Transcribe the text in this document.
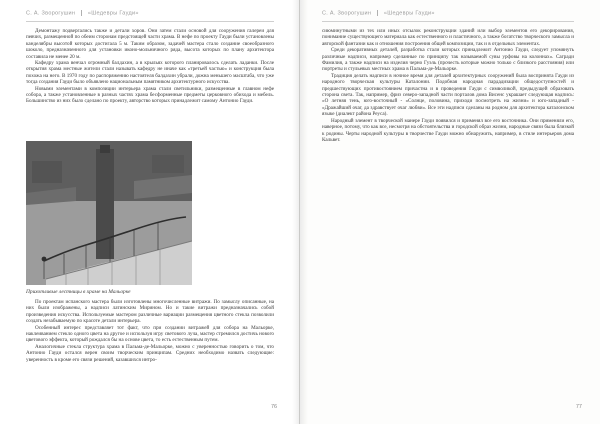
С. А. Зворогушин «Шедевры Гауди»

Демонтажу подвергались также и детали хоров. Они затем стали основой для сооружения галереи для певчих, размещенной по обеим сторонам предстоящей части храма. В нефе по проекту Гауди были установлены канделябры высотой которых достигала 5 м. Таким образом, задачей мастера стало создание своеобразного шоколо, предназначенного для установки иконо-мольничного ряда, высота которых по плану архитектора составила не менее 20 м.

Кафедру храма венчал огромный балдахин, а в крыльях которого планировалось сделать ладанки. После открытия храма местные жители стали называть кафедру не иначе как «третьей частью» и конструкция была похожа на него. В 1970 году по распоряжению настоятеля балдахин убрали, дожна меньшего масштаба, что уже тогда создания Гауди было объявлено национальным памятником архитектурного искусства.

Новыми элементами в композиции интерьера храма стали светильники, размещенные в главном нефе собора, а также установленные в разных частях храма бесформенные предметы церковного обихода и мебель. Большинство из них было сделано по проекту, авторство которых принадлежит самому Антонио Гауди.

Прихотливые лестницы в храме на Мальорке

По проектам испанского мастера были изготовлены многочисленные витражи. По замыслу описанные, на них были изображены, а надписи латинским Мирином. Но и такие витражи предназначались собой произведения искусства. Используемые мастером различные вариации размещения цветного стекла позволили создать незабываемую по красоте детали интерьера.

Особенный интерес представляет тот факт, что при создании витражей для собора на Мальорке, наклеиванием стекло одного цвета на другое и используя игру светового луча, мастер стремился достичь нового цветового эффекта, который рождался бы на основе цвета, то есть естественным путем.

Аналогичные стекла структура храма в Пальма-де-Мальорке, можно с уверенностью говорить о том, что Антонио Гауди остался верен своим творческим принципам. Средних необходимо назвать следующие: уверенность в кроме его связи решений, казавшихся интро-

76
С. А. Зворогушин «Шедевры Гауди»

сиюминутными из тех или иных отсылок реконструкции зданий или выбор элементов его декорирования, понимание существующего материала как естественного и пластичного, а также богатство творческого замысла и авторской фантазии как и отношения построения общей композиции, так и в отдельных элементах.

Среди декоративных деталей, разработка стали которых принадлежит Антонио Гауди, следует упомянуть различные надписи, например сделанные по принципу так называемой сувы урфовы на колоннах». Сагради Фамилия, а также надписи на изделия черно Гуэль (прочесть которые можно только с близкого расстояния) или портреты и стульевых местных храма в Пальма-де-Мальорке.

Традиция делать надписи в ночное время для деталей архитектурных сооружений была воспринята Гауди из народного творческая культуры Каталонии. Подобная народная пардадизации общедоступностей и предшествующих противостоянием причастна и в проведения Гауди с символикой, предыдущей образовать сторона света. Так, например, фриз северо-западной части порталов дома Висенс украшает следующая надпись: «О летняя тень, юго-восточный - «Солнце, половина, приходи посмотреть на жизни» и юго-западный - «Дражайший очаг, да здравствует очаг любви». Все эти надписи сделаны на родном для архитектора каталонском языке (диалект района Реуса).

Народный элемент в творческой манере Гауди появился и применял все его восточника. Они применяли его, наверное, потому, что как все, несмотря на обстоятельства и городской образ жизни, народные связи была близкой к родины. Черты народной культуры в творчестве Гауди можно обнаружить, например, в стиле интерьеров дома Кальвет.

77
